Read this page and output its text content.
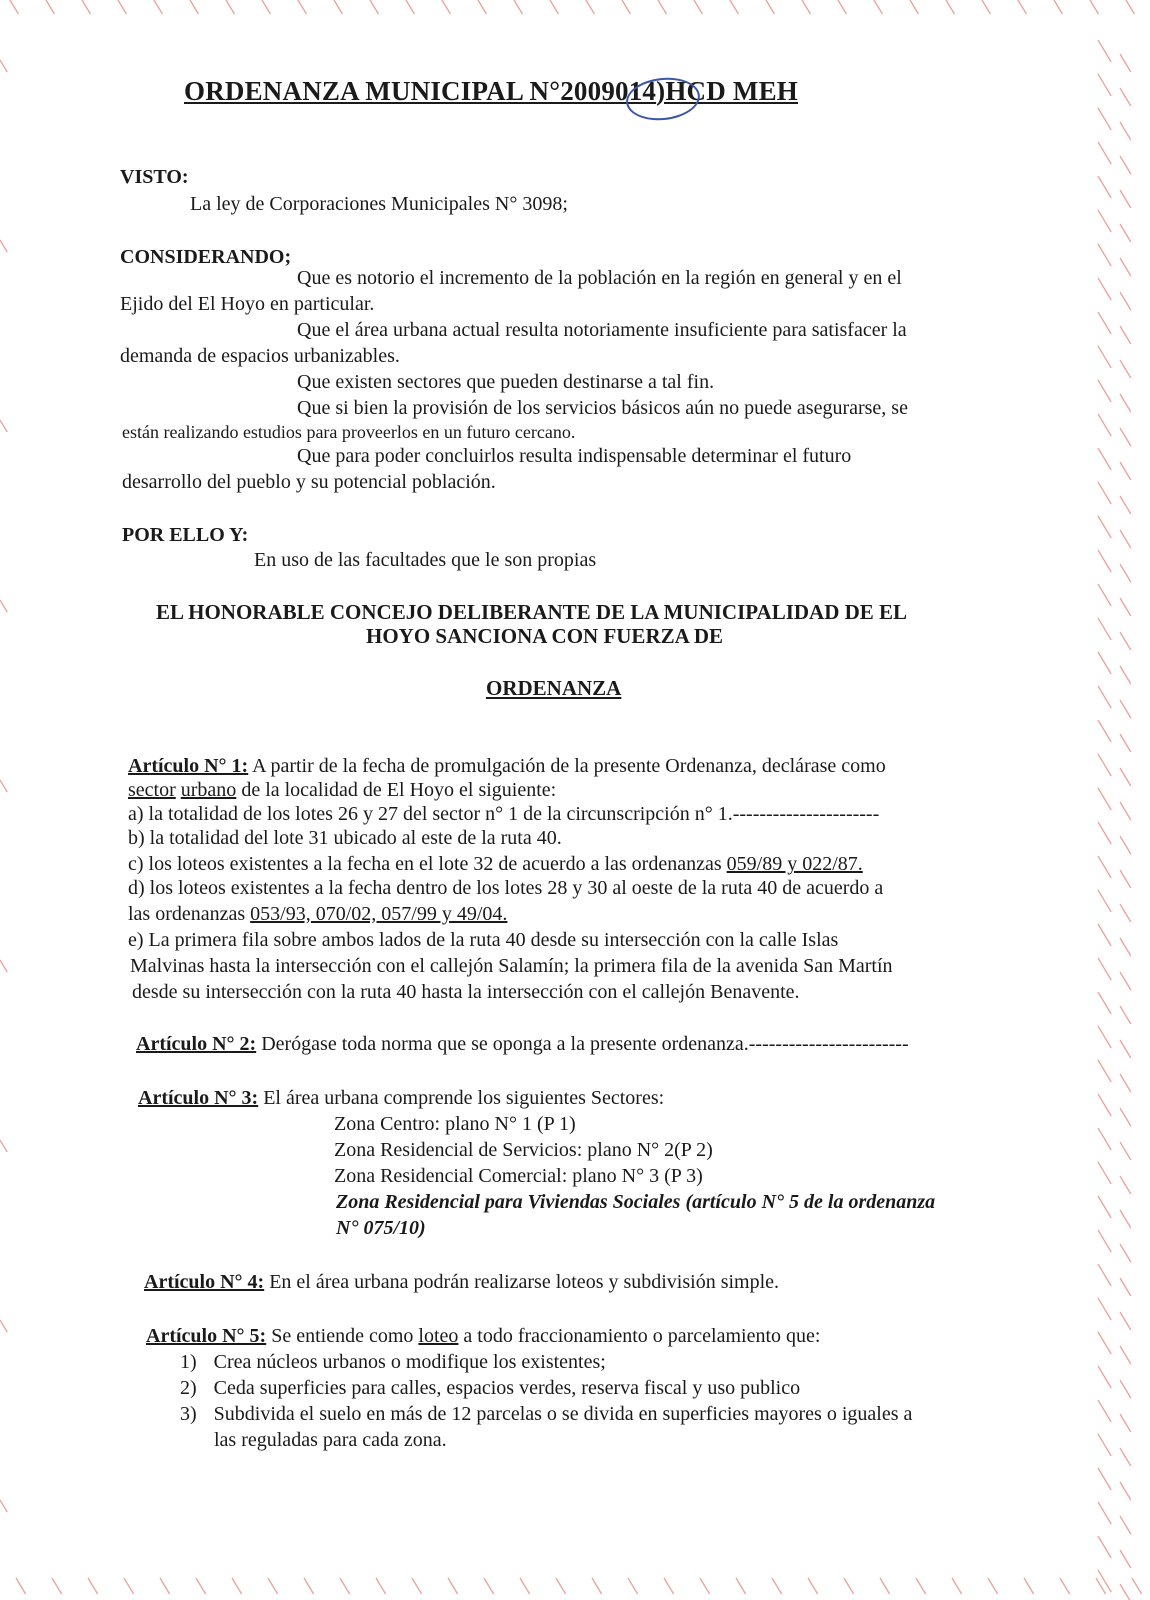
ORDENANZA MUNICIPAL N°2009014)HCD MEH
VISTO:
La ley de Corporaciones Municipales N° 3098;
CONSIDERANDO;
Que es notorio el incremento de la población en la región en general y en el
Ejido del El Hoyo en particular.
Que el área urbana actual resulta notoriamente insuficiente para satisfacer la
demanda de espacios urbanizables.
Que existen sectores que pueden destinarse a tal fin.
Que si bien la provisión de los servicios básicos aún no puede asegurarse, se
están realizando estudios para proveerlos en un futuro cercano.
Que para poder concluirlos resulta indispensable determinar el futuro
desarrollo del pueblo y su potencial población.
POR ELLO Y:
En uso de las facultades que le son propias
EL HONORABLE CONCEJO DELIBERANTE DE LA MUNICIPALIDAD DE EL
HOYO SANCIONA CON FUERZA DE
ORDENANZA
Artículo N° 1: A partir de la fecha de promulgación de la presente Ordenanza, declárase como
sector urbano de la localidad de El Hoyo el siguiente:
a) la totalidad de los lotes 26 y 27 del sector n° 1 de la circunscripción n° 1.----------------------
b) la totalidad del lote 31 ubicado al este de la ruta 40.
c) los loteos existentes a la fecha en el lote 32 de acuerdo a las ordenanzas 059/89 y 022/87.
d) los loteos existentes a la fecha dentro de los lotes 28 y 30 al oeste de la ruta 40 de acuerdo a
las ordenanzas 053/93, 070/02, 057/99 y 49/04.
e) La primera fila sobre ambos lados de la ruta 40 desde su intersección con la calle Islas
Malvinas hasta la intersección con el callejón Salamín; la primera fila de la avenida San Martín
desde su intersección con la ruta 40 hasta la intersección con el callejón Benavente.
Artículo N° 2: Derógase toda norma que se oponga a la presente ordenanza.------------------------
Artículo N° 3: El área urbana comprende los siguientes Sectores:
Zona Centro: plano N° 1 (P 1)
Zona Residencial de Servicios: plano N° 2(P 2)
Zona Residencial Comercial: plano N° 3 (P 3)
Zona Residencial para Viviendas Sociales (artículo N° 5 de la ordenanza
N° 075/10)
Artículo N° 4: En el área urbana podrán realizarse loteos y subdivisión simple.
Artículo N° 5: Se entiende como loteo a todo fraccionamiento o parcelamiento que:
1) Crea núcleos urbanos o modifique los existentes;
2) Ceda superficies para calles, espacios verdes, reserva fiscal y uso publico
3) Subdivida el suelo en más de 12 parcelas o se divida en superficies mayores o iguales a
las reguladas para cada zona.
